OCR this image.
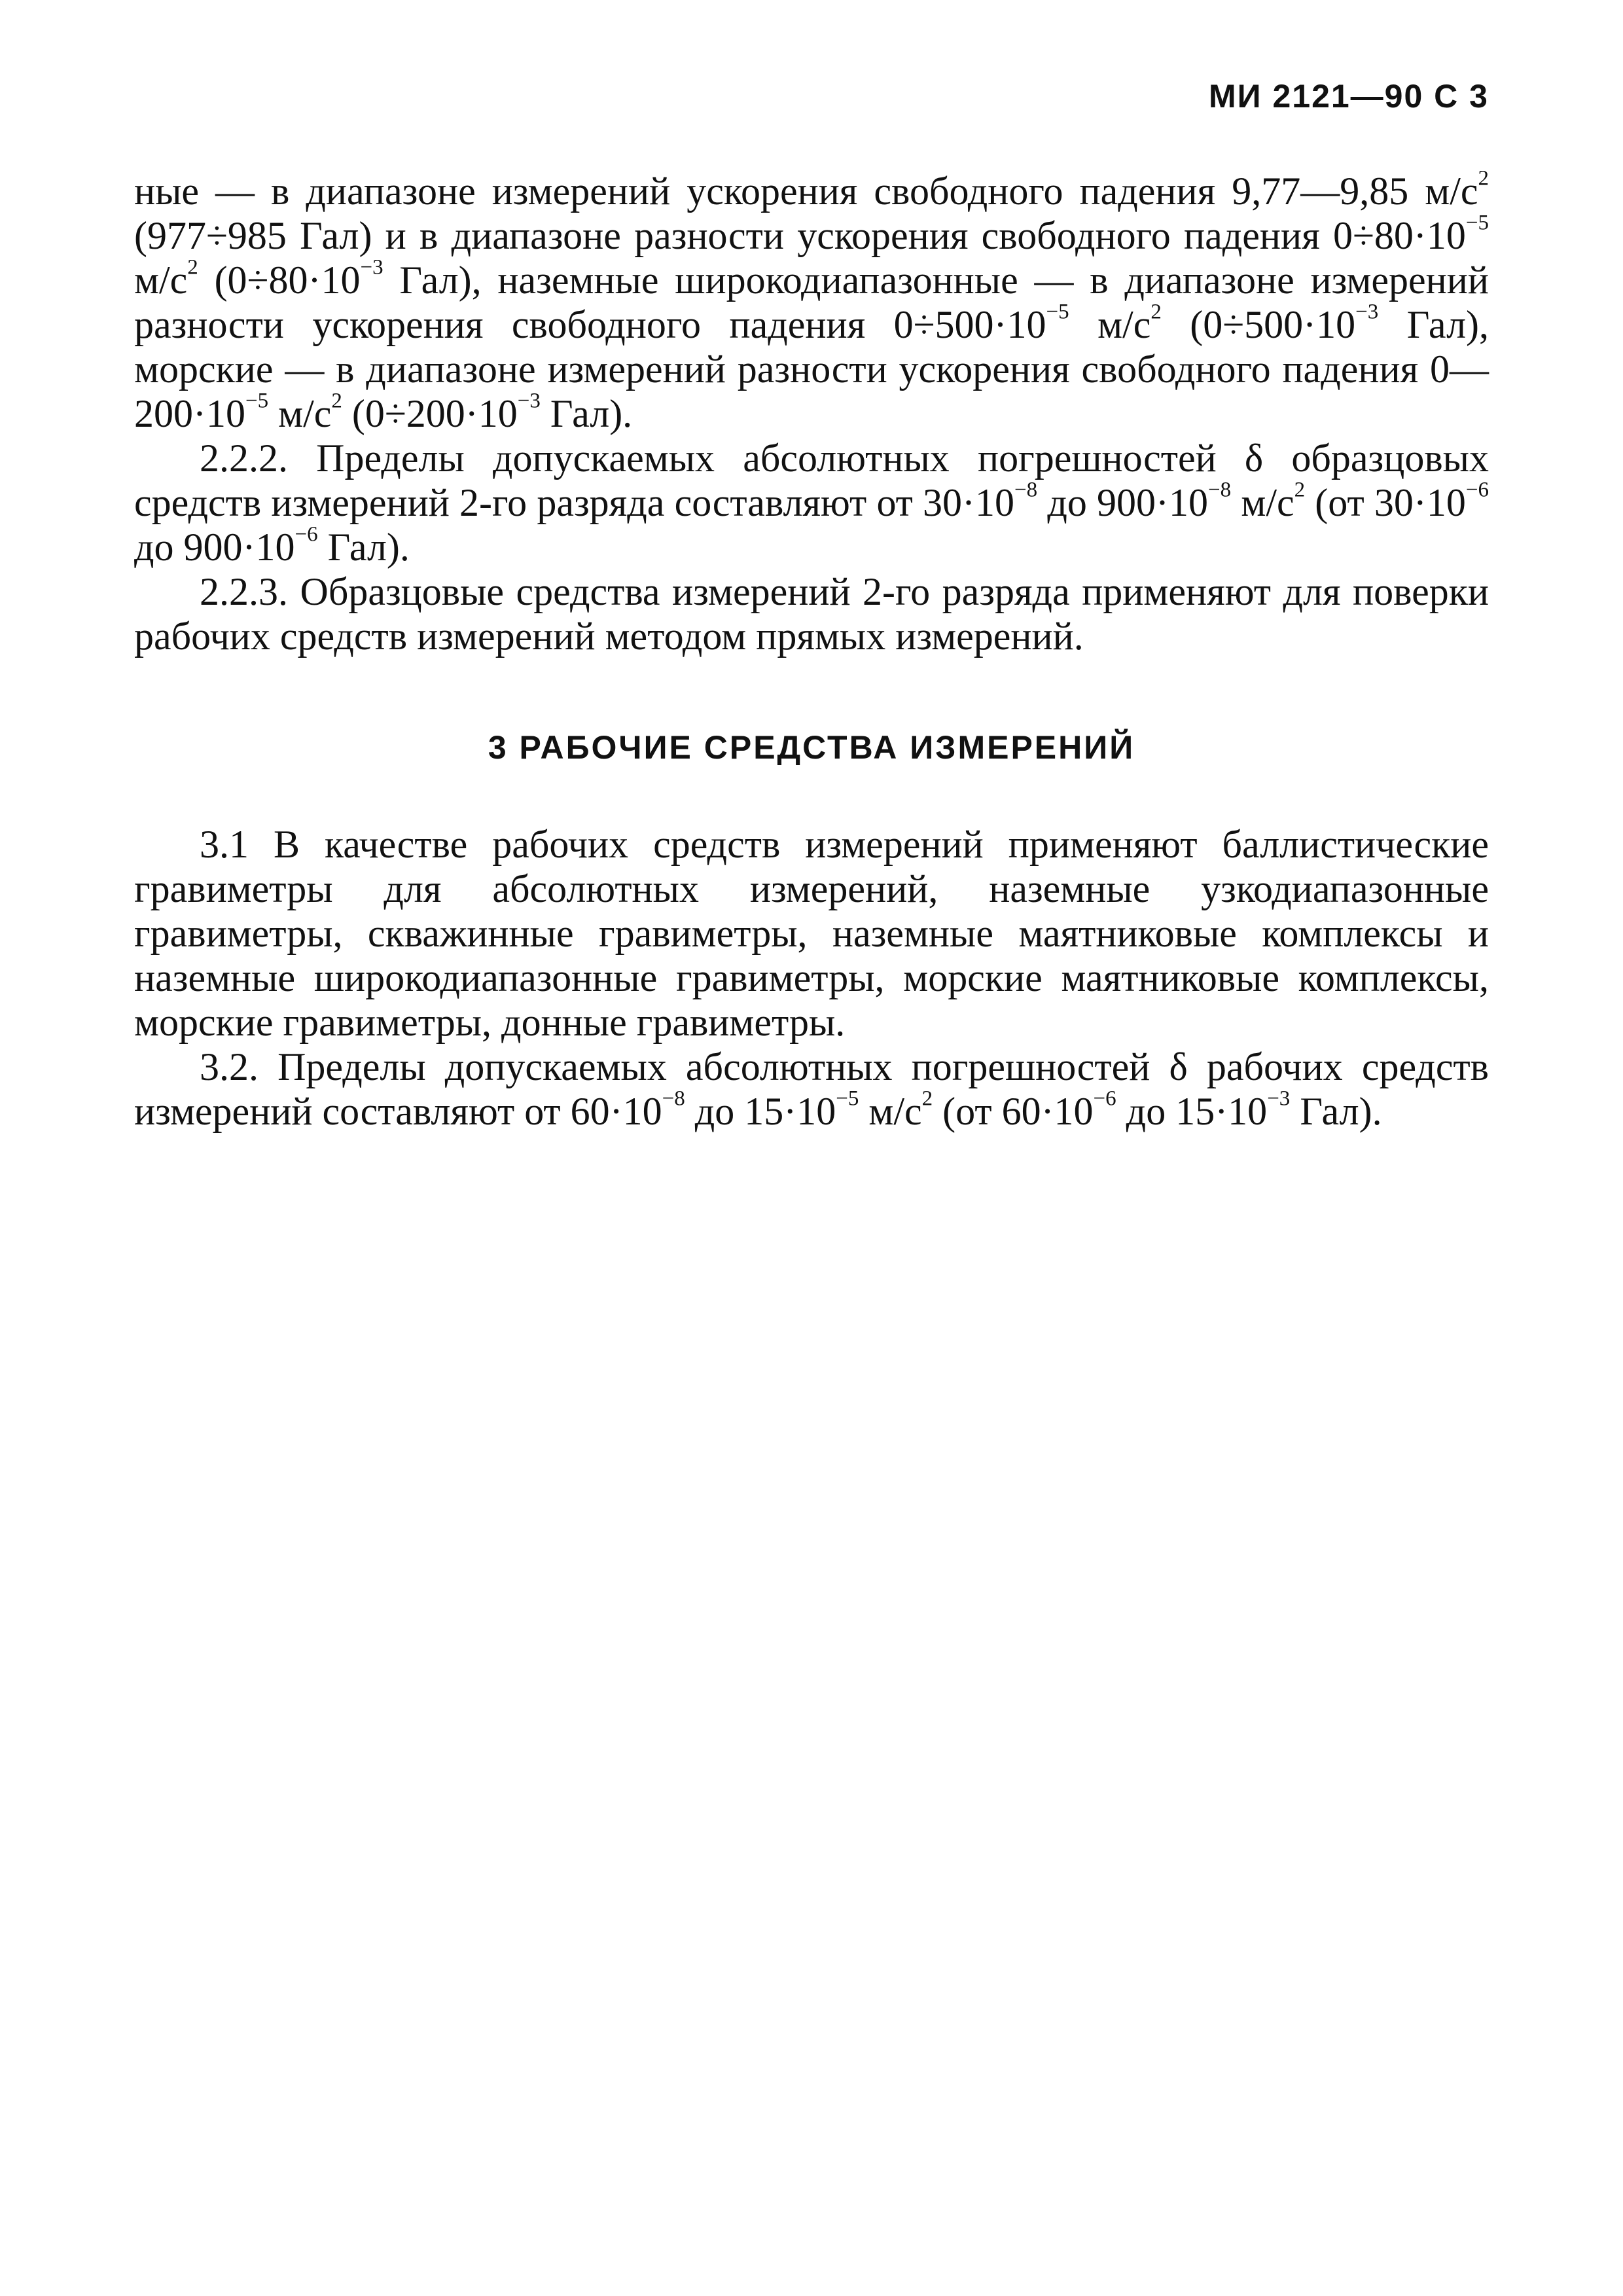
МИ 2121—90 С 3

ные — в диапазоне измерений ускорения свободного падения 9,77—9,85 $м/с^2$ (977÷985 Гал) и в диапазоне разности ускорения свободного падения $0\div 80\cdot 10^{-5}$ $м/с^2$ ($0\div 80\cdot 10^{-3}$ Гал), наземные широкодиапазонные — в диапазоне измерений разности ускорения свободного падения $0\div 500\cdot 10^{-5}$ $м/с^2$ ($0\div 500\cdot 10^{-3}$ Гал), морские — в диапазоне измерений разности ускорения свободного падения $0—200\cdot 10^{-5}$ $м/с^2$ ($0\div 200\cdot 10^{-3}$ Гал).

2.2.2. Пределы допускаемых абсолютных погрешностей δ образцовых средств измерений 2-го разряда составляют от $30\cdot 10^{-8}$ до $900\cdot 10^{-8}$ $м/с^2$ (от $30\cdot 10^{-6}$ до $900\cdot 10^{-6}$ Гал).

2.2.3. Образцовые средства измерений 2-го разряда применяют для поверки рабочих средств измерений методом прямых измерений.

3 РАБОЧИЕ СРЕДСТВА ИЗМЕРЕНИЙ

3.1 В качестве рабочих средств измерений применяют баллистические гравиметры для абсолютных измерений, наземные узкодиапазонные гравиметры, скважинные гравиметры, наземные маятниковые комплексы и наземные широкодиапазонные гравиметры, морские маятниковые комплексы, морские гравиметры, донные гравиметры.

3.2. Пределы допускаемых абсолютных погрешностей δ рабочих средств измерений составляют от $60\cdot 10^{-8}$ до $15\cdot 10^{-5}$ $м/с^2$ (от $60\cdot 10^{-6}$ до $15\cdot 10^{-3}$ Гал).
